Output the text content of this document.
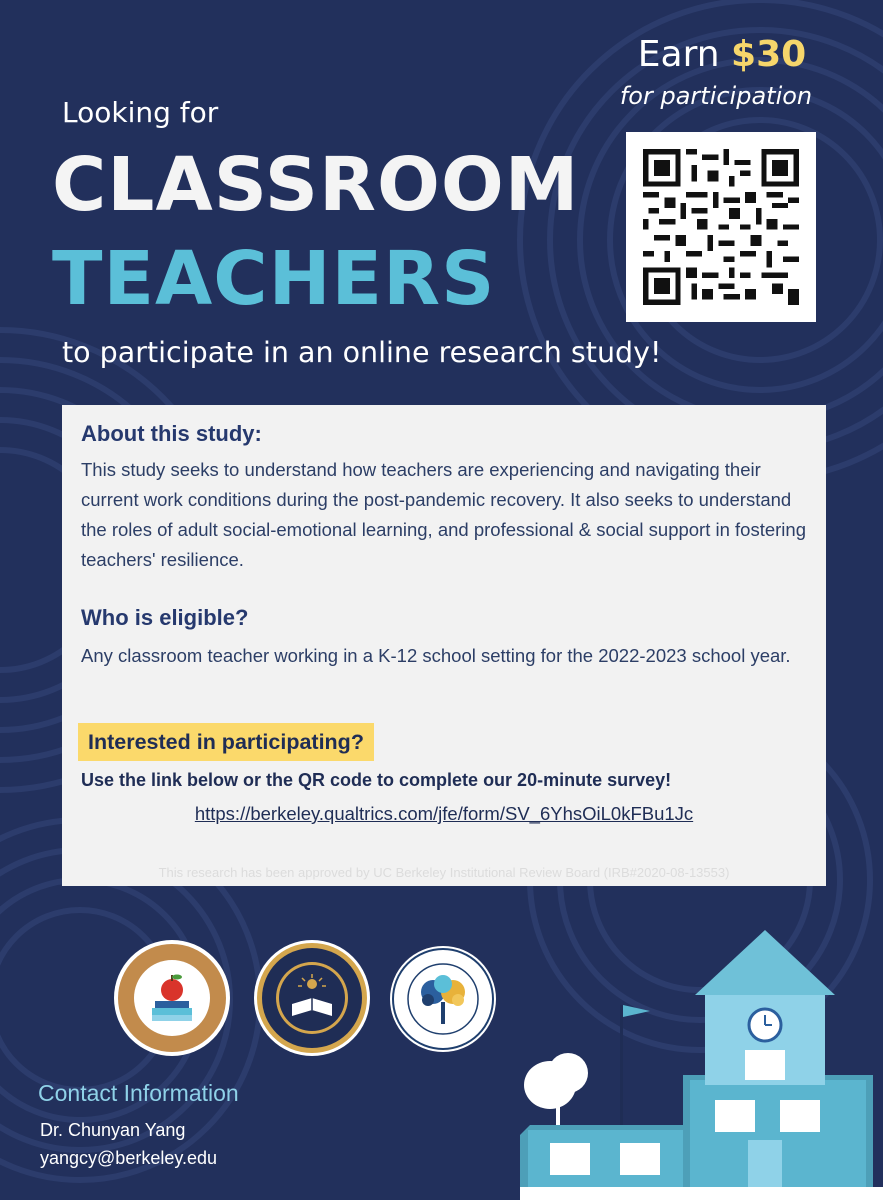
Looking for
CLASSROOM
TEACHERS
to participate in an online research study!
Earn $30
for participation
About this study:
This study seeks to understand how teachers are experiencing and navigating their current work conditions during the post-pandemic recovery. It also seeks to understand the roles of adult social-emotional learning, and professional & social support in fostering teachers' resilience.
Who is eligible?
Any classroom teacher working in a K-12 school setting for the 2022-2023 school year.
Interested in participating?
Use the link below or the QR code to complete our 20-minute survey!
https://berkeley.qualtrics.com/jfe/form/SV_6YhsOiL0kFBu1Jc
This research has been approved by UC Berkeley Institutional Review Board (IRB#2020-08-13553)
Contact Information
Dr. Chunyan Yang
yangcy@berkeley.edu
